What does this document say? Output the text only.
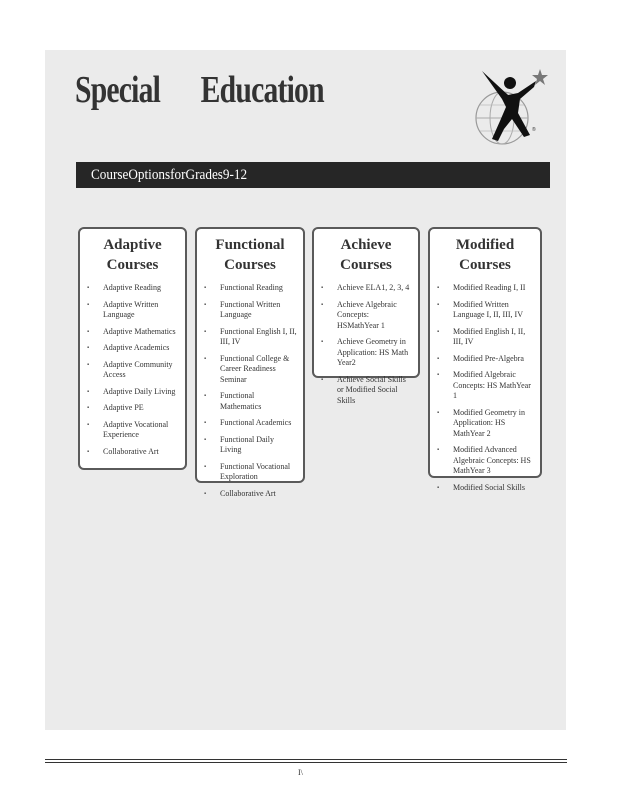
Special Education
®
CourseOptionsforGrades9-12
Adaptive
Courses
▪ Adaptive Reading
▪ Adaptive Written Language
▪ Adaptive Mathematics
▪ Adaptive Academics
▪ Adaptive Community Access
▪ Adaptive Daily Living
▪ Adaptive PE
▪ Adaptive Vocational Experience
▪ Collaborative Art
Functional
Courses
▪ Functional Reading
▪ Functional Written Language
▪ Functional English I, II, III, IV
▪ Functional College & Career Readiness Seminar
▪ Functional Mathematics
▪ Functional Academics
▪ Functional Daily Living
▪ Functional Vocational Exploration
▪ Collaborative Art
Achieve
Courses
▪ Achieve ELA1, 2, 3, 4
▪ Achieve Algebraic Concepts: HSMathYear 1
▪ Achieve Geometry in Application: HS Math Year2
▪ Achieve Social Skills or Modified Social Skills
Modified
Courses
▪ Modified Reading I, II
▪ Modified Written Language I, II, III, IV
▪ Modified English I, II, III, IV
▪ Modified Pre-Algebra
▪ Modified Algebraic Concepts: HS MathYear 1
▪ Modified Geometry in Application: HS MathYear 2
▪ Modified Advanced Algebraic Concepts: HS MathYear 3
▪ Modified Social Skills
I\
